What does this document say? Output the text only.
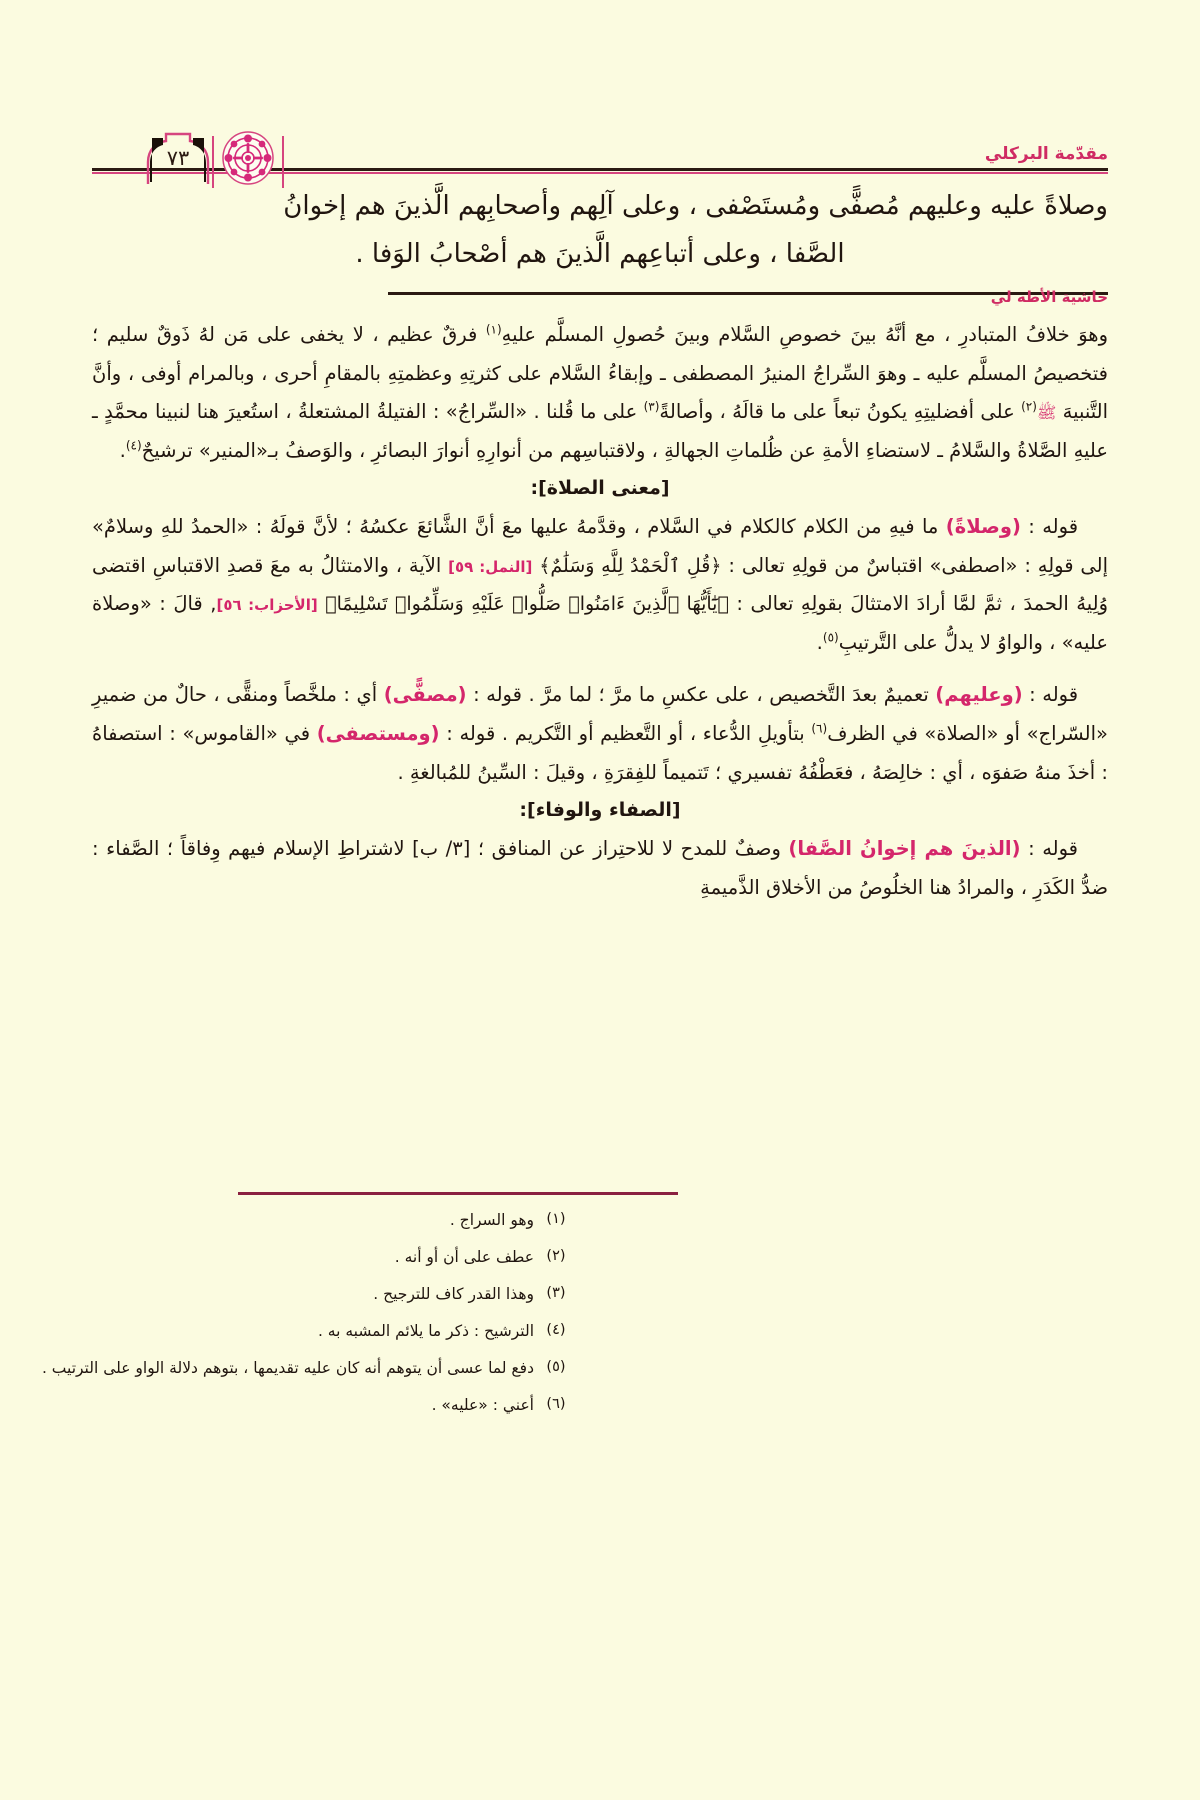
مقدّمة البركلي
٧٣

وصلاةً عليه وعليهم مُصفًّى ومُستَصْفى ، وعلى آلِهم وأصحابِهم الَّذينَ هم إخوانُ

الصَّفا ، وعلى أتباعِهم الَّذينَ هم أصْحابُ الوَفا .

حاشية الأطه لي

وهوَ خلافُ المتبادرِ ، مع أنَّهُ بينَ خصوصِ السَّلام وبينَ حُصولِ المسلَّم عليهِ$^{(١)}$ فرقٌ عظيم ، لا يخفى على مَن لهُ ذَوقٌ سليم ؛ فتخصيصُ المسلَّم عليه ـ وهوَ السِّراجُ المنيرُ المصطفى ـ وإبقاءُ السَّلام على كثرتِهِ وعظمتِهِ بالمقامِ أحرى ، وبالمرام أوفى ، وأنَّ التَّنبيهَ ﷺ$^{(٢)}$ على أفضليتِهِ يكونُ تبعاً على ما قالَهُ ، وأصالةً$^{(٣)}$ على ما قُلنا . «السِّراجُ» : الفتيلةُ المشتعلةُ ، استُعيرَ هنا لنبينا محمَّدٍ ـ عليهِ الصَّلاةُ والسَّلامُ ـ لاستضاءِ الأمةِ عن ظُلماتِ الجهالةِ ، ولاقتباسِهم من أنوارِهِ أنوارَ البصائرِ ، والوَصفُ بـ«المنير» ترشيحٌ$^{(٤)}$.

[معنى الصلاة]:

قوله : (وصلاةً) ما فيهِ من الكلام كالكلام في السَّلام ، وقدَّمهُ عليها معَ أنَّ الشَّائعَ عكسُهُ ؛ لأنَّ قولَهُ : «الحمدُ للهِ وسلامٌ» إلى قولِهِ : «اصطفى» اقتباسٌ من قولِهِ تعالى : ﴿قُلِ ٱلْحَمْدُ لِلَّهِ وَسَلَٰمٌ﴾ [النمل: ٥٩] الآية ، والامتثالُ به معَ قصدِ الاقتباسِ اقتضى وُلِيهُ الحمدَ ، ثمَّ لمَّا أرادَ الامتثالَ بقولِهِ تعالى : ﴿يَٰٓأَيُّهَا ٱلَّذِينَ ءَامَنُوا۟ صَلُّوا۟ عَلَيْهِ وَسَلِّمُوا۟ تَسْلِيمًا﴾ [الأحزاب: ٥٦], قالَ : «وصلاة عليه» ، والواوُ لا يدلُّ على التَّرتيبِ$^{(٥)}$.

قوله : (وعليهم) تعميمٌ بعدَ التَّخصيص ، على عكسِ ما مرَّ ؛ لما مرَّ . قوله : (مصفًّى) أي : ملخَّصاً ومنقًّى ، حالٌ من ضميرِ «السّراج» أو «الصلاة» في الظرف$^{(٦)}$ بتأويلِ الدُّعاء ، أو التَّعظيم أو التَّكريم . قوله : (ومستصفى) في «القاموس» : استصفاهُ : أخذَ منهُ صَفوَه ، أي : خالِصَهُ ، فعَطْفُهُ تفسيري ؛ تَتميماً للفِقرَةِ ، وقيلَ : السِّينُ للمُبالغةِ .

[الصفاء والوفاء]:

قوله : (الذينَ هم إخوانُ الصَّفا) وصفٌ للمدح لا للاحتِراز عن المنافق ؛ [٣/ ب] لاشتراطِ الإسلام فيهم وِفاقاً ؛ الصَّفاء : ضدُّ الكَدَرِ ، والمرادُ هنا الخلُوصُ من الأخلاق الذَّميمةِ

(١)
وهو السراج .
(٢)
عطف على أن أو أنه .
(٣)
وهذا القدر كاف للترجيح .
(٤)
الترشيح : ذكر ما يلائم المشبه به .
(٥)
دفع لما عسى أن يتوهم أنه كان عليه تقديمها ، بتوهم دلالة الواو على الترتيب .
(٦)
أعني : «عليه» .
